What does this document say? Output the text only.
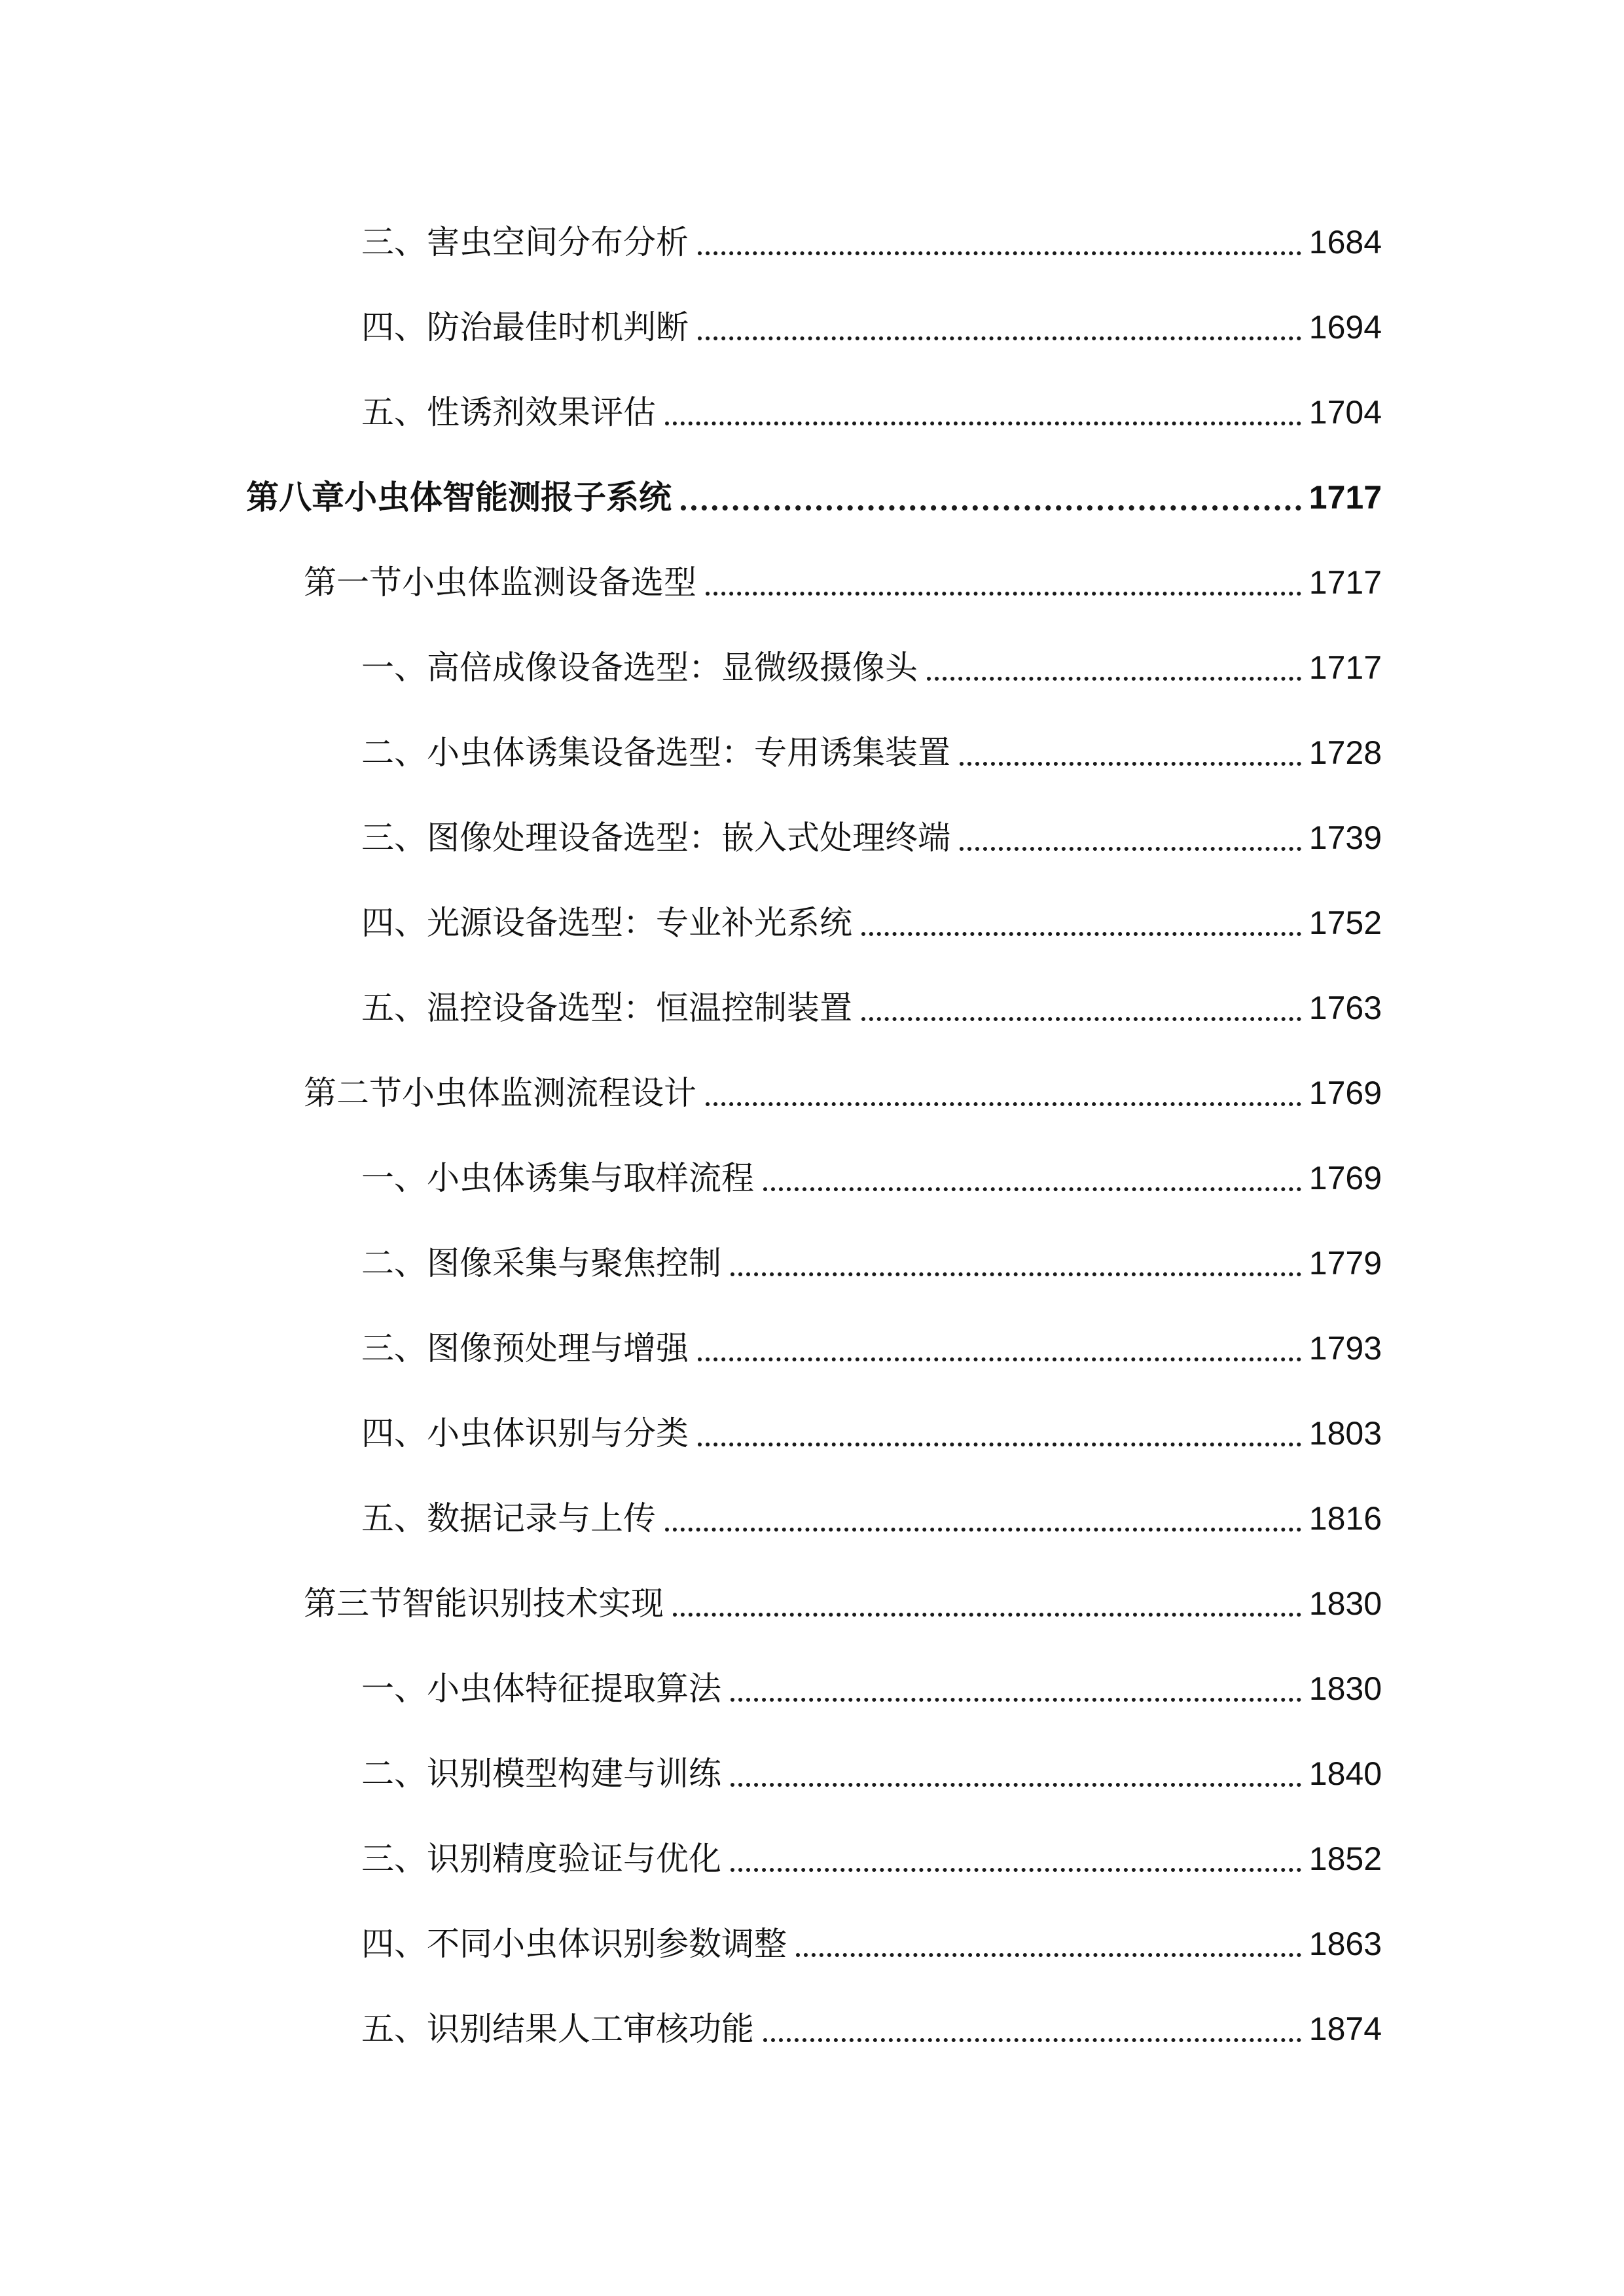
三、害虫空间分布分析	1684
四、防治最佳时机判断	1694
五、性诱剂效果评估	1704
第八章小虫体智能测报子系统	1717
第一节小虫体监测设备选型	1717
一、高倍成像设备选型：显微级摄像头	1717
二、小虫体诱集设备选型：专用诱集装置	1728
三、图像处理设备选型：嵌入式处理终端	1739
四、光源设备选型：专业补光系统	1752
五、温控设备选型：恒温控制装置	1763
第二节小虫体监测流程设计	1769
一、小虫体诱集与取样流程	1769
二、图像采集与聚焦控制	1779
三、图像预处理与增强	1793
四、小虫体识别与分类	1803
五、数据记录与上传	1816
第三节智能识别技术实现	1830
一、小虫体特征提取算法	1830
二、识别模型构建与训练	1840
三、识别精度验证与优化	1852
四、不同小虫体识别参数调整	1863
五、识别结果人工审核功能	1874
